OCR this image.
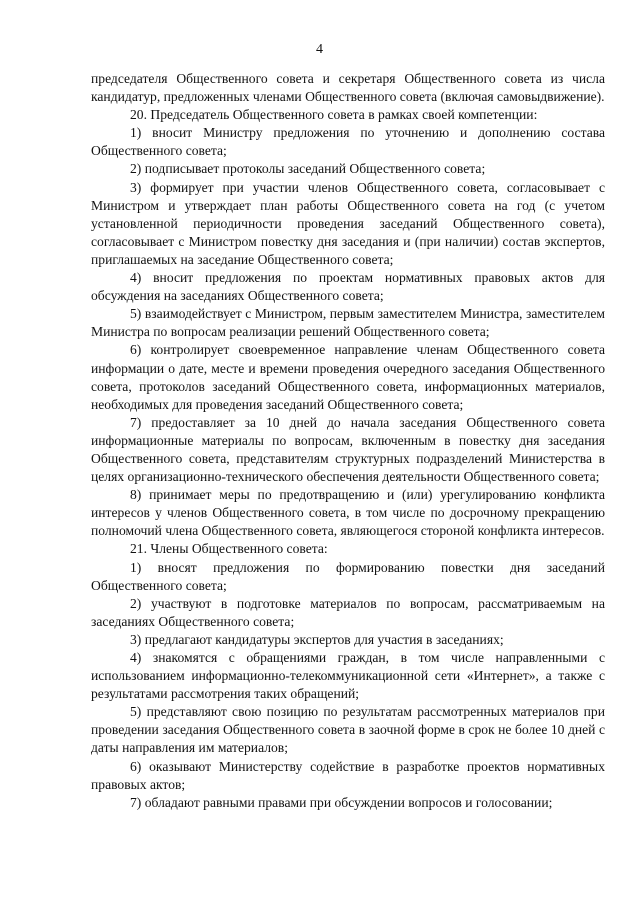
4

председателя Общественного совета и секретаря Общественного совета из числа кандидатур, предложенных членами Общественного совета (включая самовыдвижение).

20. Председатель Общественного совета в рамках своей компетенции:

1) вносит Министру предложения по уточнению и дополнению состава Общественного совета;

2) подписывает протоколы заседаний Общественного совета;

3) формирует при участии членов Общественного совета, согласовывает с Министром и утверждает план работы Общественного совета на год (с учетом установленной периодичности проведения заседаний Общественного совета), согласовывает с Министром повестку дня заседания и (при наличии) состав экспертов, приглашаемых на заседание Общественного совета;

4) вносит предложения по проектам нормативных правовых актов для обсуждения на заседаниях Общественного совета;

5) взаимодействует с Министром, первым заместителем Министра, заместителем Министра по вопросам реализации решений Общественного совета;

6) контролирует своевременное направление членам Общественного совета информации о дате, месте и времени проведения очередного заседания Общественного совета, протоколов заседаний Общественного совета, информационных материалов, необходимых для проведения заседаний Общественного совета;

7) предоставляет за 10 дней до начала заседания Общественного совета информационные материалы по вопросам, включенным в повестку дня заседания Общественного совета, представителям структурных подразделений Министерства в целях организационно-технического обеспечения деятельности Общественного совета;

8) принимает меры по предотвращению и (или) урегулированию конфликта интересов у членов Общественного совета, в том числе по досрочному прекращению полномочий члена Общественного совета, являющегося стороной конфликта интересов.

21. Члены Общественного совета:

1) вносят предложения по формированию повестки дня заседаний Общественного совета;

2) участвуют в подготовке материалов по вопросам, рассматриваемым на заседаниях Общественного совета;

3) предлагают кандидатуры экспертов для участия в заседаниях;

4) знакомятся с обращениями граждан, в том числе направленными с использованием информационно-телекоммуникационной сети «Интернет», а также с результатами рассмотрения таких обращений;

5) представляют свою позицию по результатам рассмотренных материалов при проведении заседания Общественного совета в заочной форме в срок не более 10 дней с даты направления им материалов;

6) оказывают Министерству содействие в разработке проектов нормативных правовых актов;

7) обладают равными правами при обсуждении вопросов и голосовании;
